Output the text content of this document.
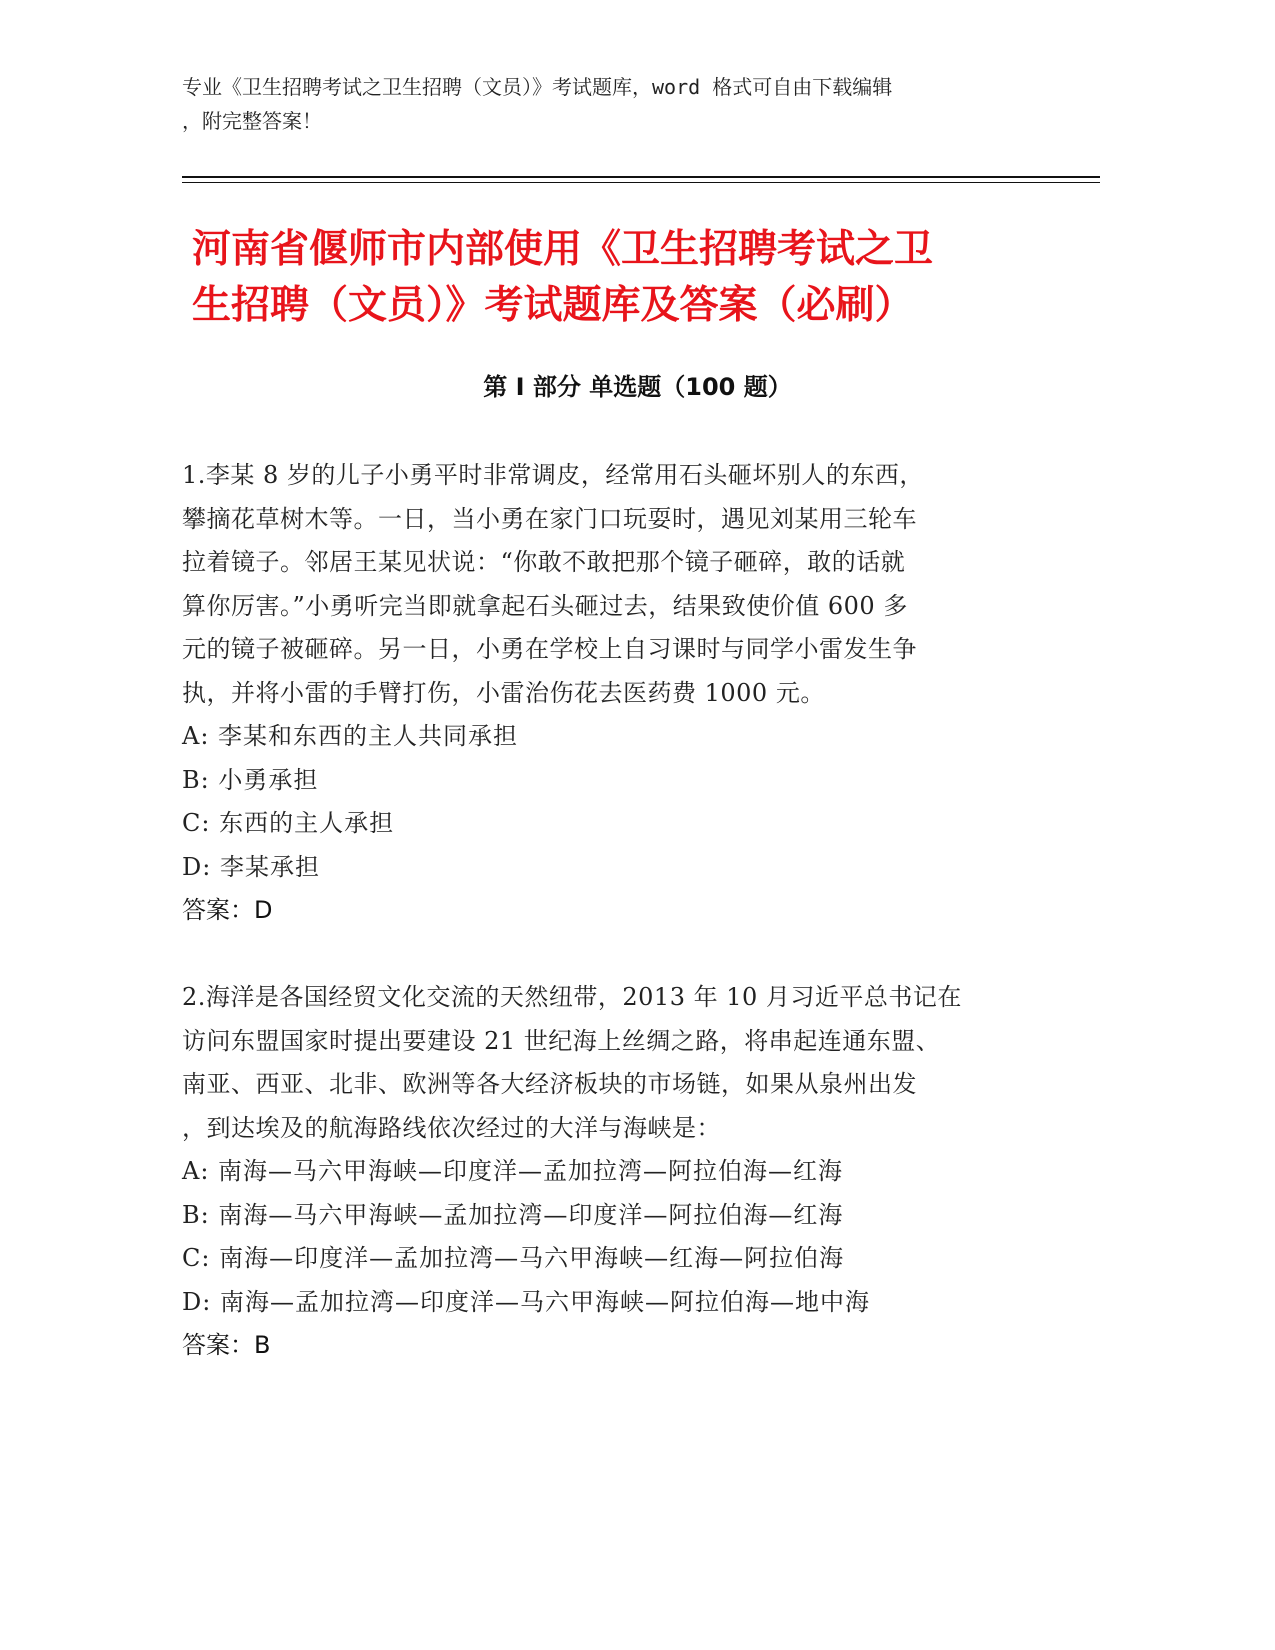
专业《卫生招聘考试之卫生招聘（文员）》考试题库，word 格式可自由下载编辑
，附完整答案！
河南省偃师市内部使用《卫生招聘考试之卫
生招聘（文员）》考试题库及答案（必刷）
第 I 部分 单选题（100 题）
1.李某 8 岁的儿子小勇平时非常调皮，经常用石头砸坏别人的东西，
攀摘花草树木等。一日，当小勇在家门口玩耍时，遇见刘某用三轮车
拉着镜子。邻居王某见状说：“你敢不敢把那个镜子砸碎，敢的话就
算你厉害。”小勇听完当即就拿起石头砸过去，结果致使价值 600 多
元的镜子被砸碎。另一日，小勇在学校上自习课时与同学小雷发生争
执，并将小雷的手臂打伤，小雷治伤花去医药费 1000 元。
A: 李某和东西的主人共同承担
B: 小勇承担
C: 东西的主人承担
D: 李某承担
答案：D
2.海洋是各国经贸文化交流的天然纽带，2013 年 10 月习近平总书记在
访问东盟国家时提出要建设 21 世纪海上丝绸之路，将串起连通东盟、
南亚、西亚、北非、欧洲等各大经济板块的市场链，如果从泉州出发
，到达埃及的航海路线依次经过的大洋与海峡是：
A: 南海—马六甲海峡—印度洋—孟加拉湾—阿拉伯海—红海
B: 南海—马六甲海峡—孟加拉湾—印度洋—阿拉伯海—红海
C: 南海—印度洋—孟加拉湾—马六甲海峡—红海—阿拉伯海
D: 南海—孟加拉湾—印度洋—马六甲海峡—阿拉伯海—地中海
答案：B
